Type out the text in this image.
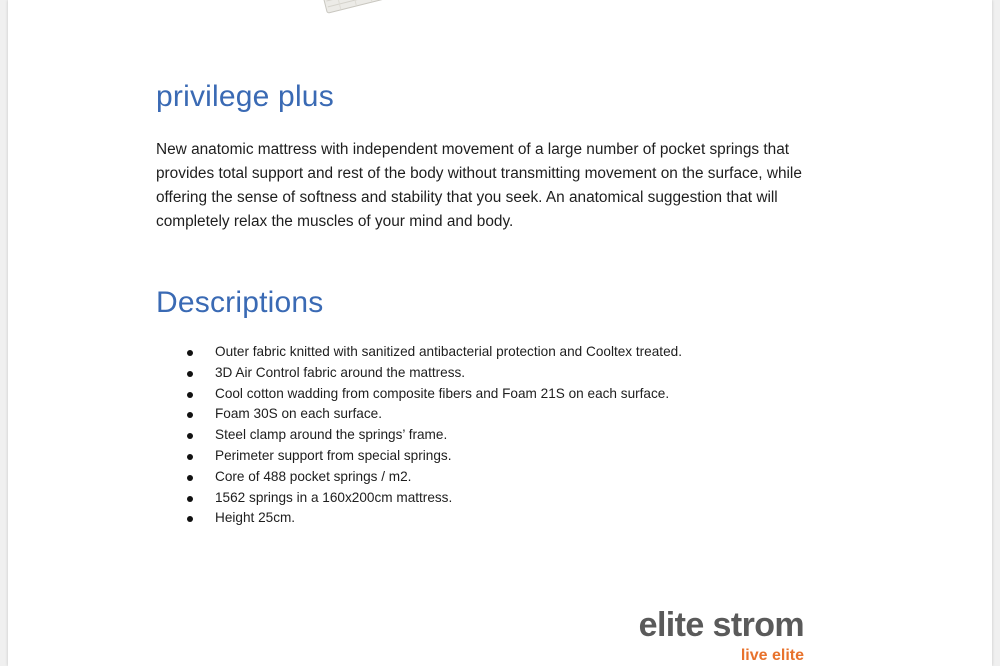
privilege plus

New anatomic mattress with independent movement of a large number of pocket springs that provides total support and rest of the body without transmitting movement on the surface, while offering the sense of softness and stability that you seek. An anatomical suggestion that will completely relax the muscles of your mind and body.

Descriptions
Outer fabric knitted with sanitized antibacterial protection and Cooltex treated.
3D Air Control fabric around the mattress.
Cool cotton wadding from composite fibers and Foam 21S on each surface.
Foam 30S on each surface.
Steel clamp around the springs’ frame.
Perimeter support from special springs.
Core of 488 pocket springs / m2.
1562 springs in a 160x200cm mattress.
Height 25cm.
elite strom
live elite
